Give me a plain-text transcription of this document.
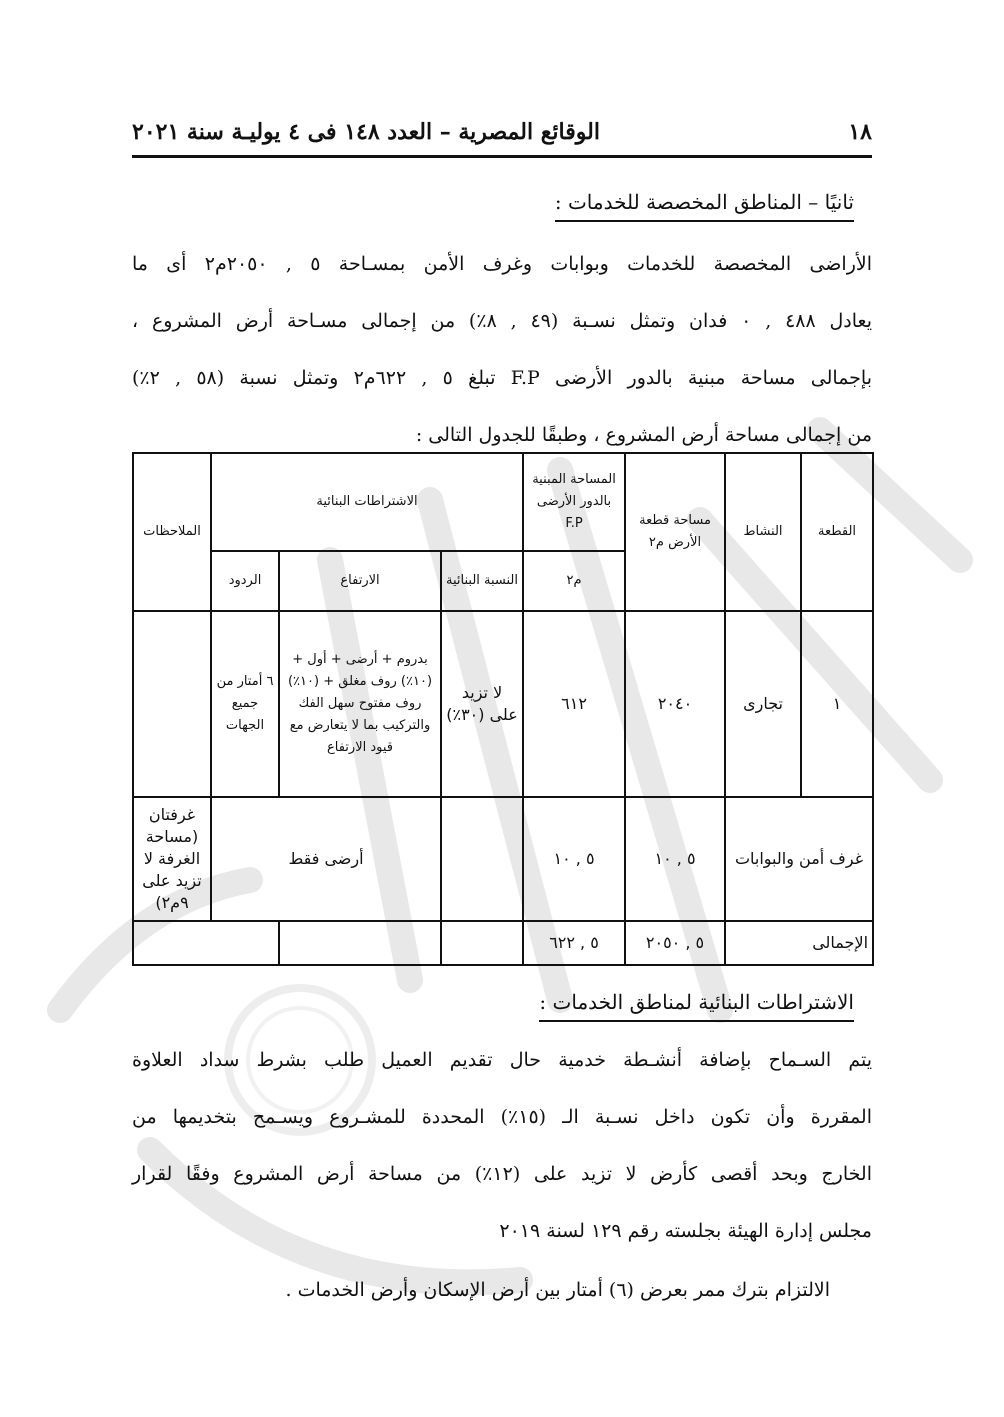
١٨
الوقائع المصرية – العدد ١٤٨ فى ٤ يوليـة سنة ٢٠٢١
ثانيًا – المناطق المخصصة للخدمات :
الأراضى المخصصة للخدمات وبوابات وغرف الأمن بمسـاحة ٥ , ٢٠٥٠م٢ أى ما
يعادل ٤٨٨ , ٠ فدان وتمثل نسـبة (٤٩ , ٨٪) من إجمالى مسـاحة أرض المشروع ،
بإجمالى مساحة مبنية بالدور الأرضى F.P تبلغ ٥ , ٦٢٢م٢ وتمثل نسبة (٥٨ , ٢٪)
من إجمالى مساحة أرض المشروع ، وطبقًا للجدول التالى :
القطعة	النشاط	مساحة قطعة الأرض م٢	المساحة المبنية بالدور الأرضى F.P	الاشتراطات البنائية			الملاحظات
			م٢	النسبة البنائية	الارتفاع	الردود	
١	تجارى	٢٠٤٠	٦١٢	لا تزيد على (٣٠٪)	بدروم + أرضى + أول + (١٠٪) روف مغلق + (١٠٪) روف مفتوح سهل الفك والتركيب بما لا يتعارض مع قيود الارتفاع	٦ أمتار من جميع الجهات	
غرف أمن والبوابات		٥ , ١٠	٥ , ١٠		أرضى فقط		غرفتان (مساحة الغرفة لا تزيد على ٩م٢)
الإجمالى		٥ , ٢٠٥٠	٥ , ٦٢٢				
الاشتراطات البنائية لمناطق الخدمات :
يتم السـماح بإضافة أنشـطة خدمية حال تقديم العميل طلب بشرط سداد العلاوة
المقررة وأن تكون داخل نسـبة الـ (١٥٪) المحددة للمشـروع ويسـمح بتخديمها من
الخارج وبحد أقصى كأرض لا تزيد على (١٢٪) من مساحة أرض المشروع وفقًا لقرار
مجلس إدارة الهيئة بجلسته رقم ١٢٩ لسنة ٢٠١٩
الالتزام بترك ممر بعرض (٦) أمتار بين أرض الإسكان وأرض الخدمات .
